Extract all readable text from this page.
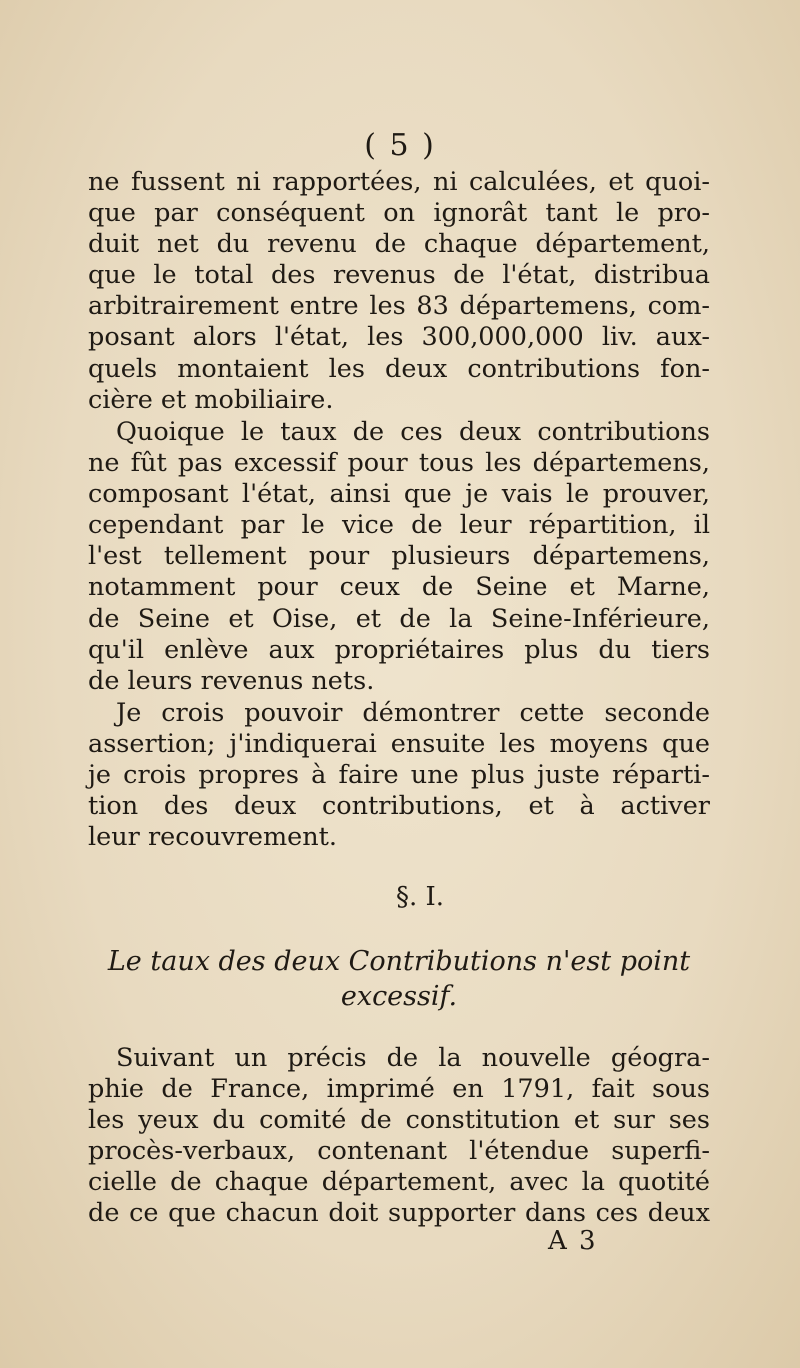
( 5 )
ne fussent ni rapportées, ni calculées, et quoi-
que par conséquent on ignorât tant le pro-
duit net du revenu de chaque département,
que le total des revenus de l'état, distribua
arbitrairement entre les 83 départemens, com-
posant alors l'état, les 300,000,000 liv. aux-
quels montaient les deux contributions fon-
cière et mobiliaire.
Quoique le taux de ces deux contributions
ne fût pas excessif pour tous les départemens,
composant l'état, ainsi que je vais le prouver,
cependant par le vice de leur répartition, il
l'est tellement pour plusieurs départemens,
notamment pour ceux de Seine et Marne,
de Seine et Oise, et de la Seine-Inférieure,
qu'il enlève aux propriétaires plus du tiers
de leurs revenus nets.
Je crois pouvoir démontrer cette seconde
assertion; j'indiquerai ensuite les moyens que
je crois propres à faire une plus juste réparti-
tion des deux contributions, et à activer
leur recouvrement.
§. I.
Le taux des deux Contributions n'est point
excessif.
Suivant un précis de la nouvelle géogra-
phie de France, imprimé en 1791, fait sous
les yeux du comité de constitution et sur ses
procès-verbaux, contenant l'étendue superfi-
cielle de chaque département, avec la quotité
de ce que chacun doit supporter dans ces deux
A 3
